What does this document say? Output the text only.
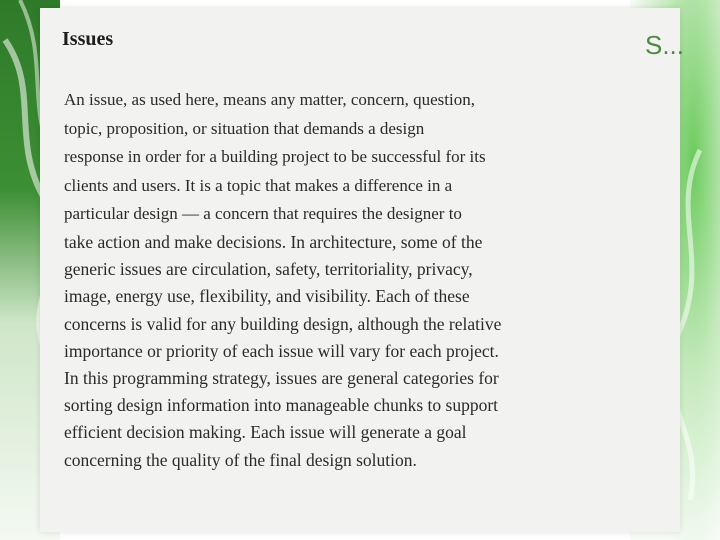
S...
Issues

An issue, as used here, means any matter, concern, question,
topic, proposition, or situation that demands a design
response in order for a building project to be successful for its
clients and users. It is a topic that makes a difference in a
particular design — a concern that requires the designer to
take action and make decisions. In architecture, some of the
generic issues are circulation, safety, territoriality, privacy,
image, energy use, flexibility, and visibility. Each of these
concerns is valid for any building design, although the relative
importance or priority of each issue will vary for each project.
In this programming strategy, issues are general categories for
sorting design information into manageable chunks to support
efficient decision making. Each issue will generate a goal
concerning the quality of the final design solution.
